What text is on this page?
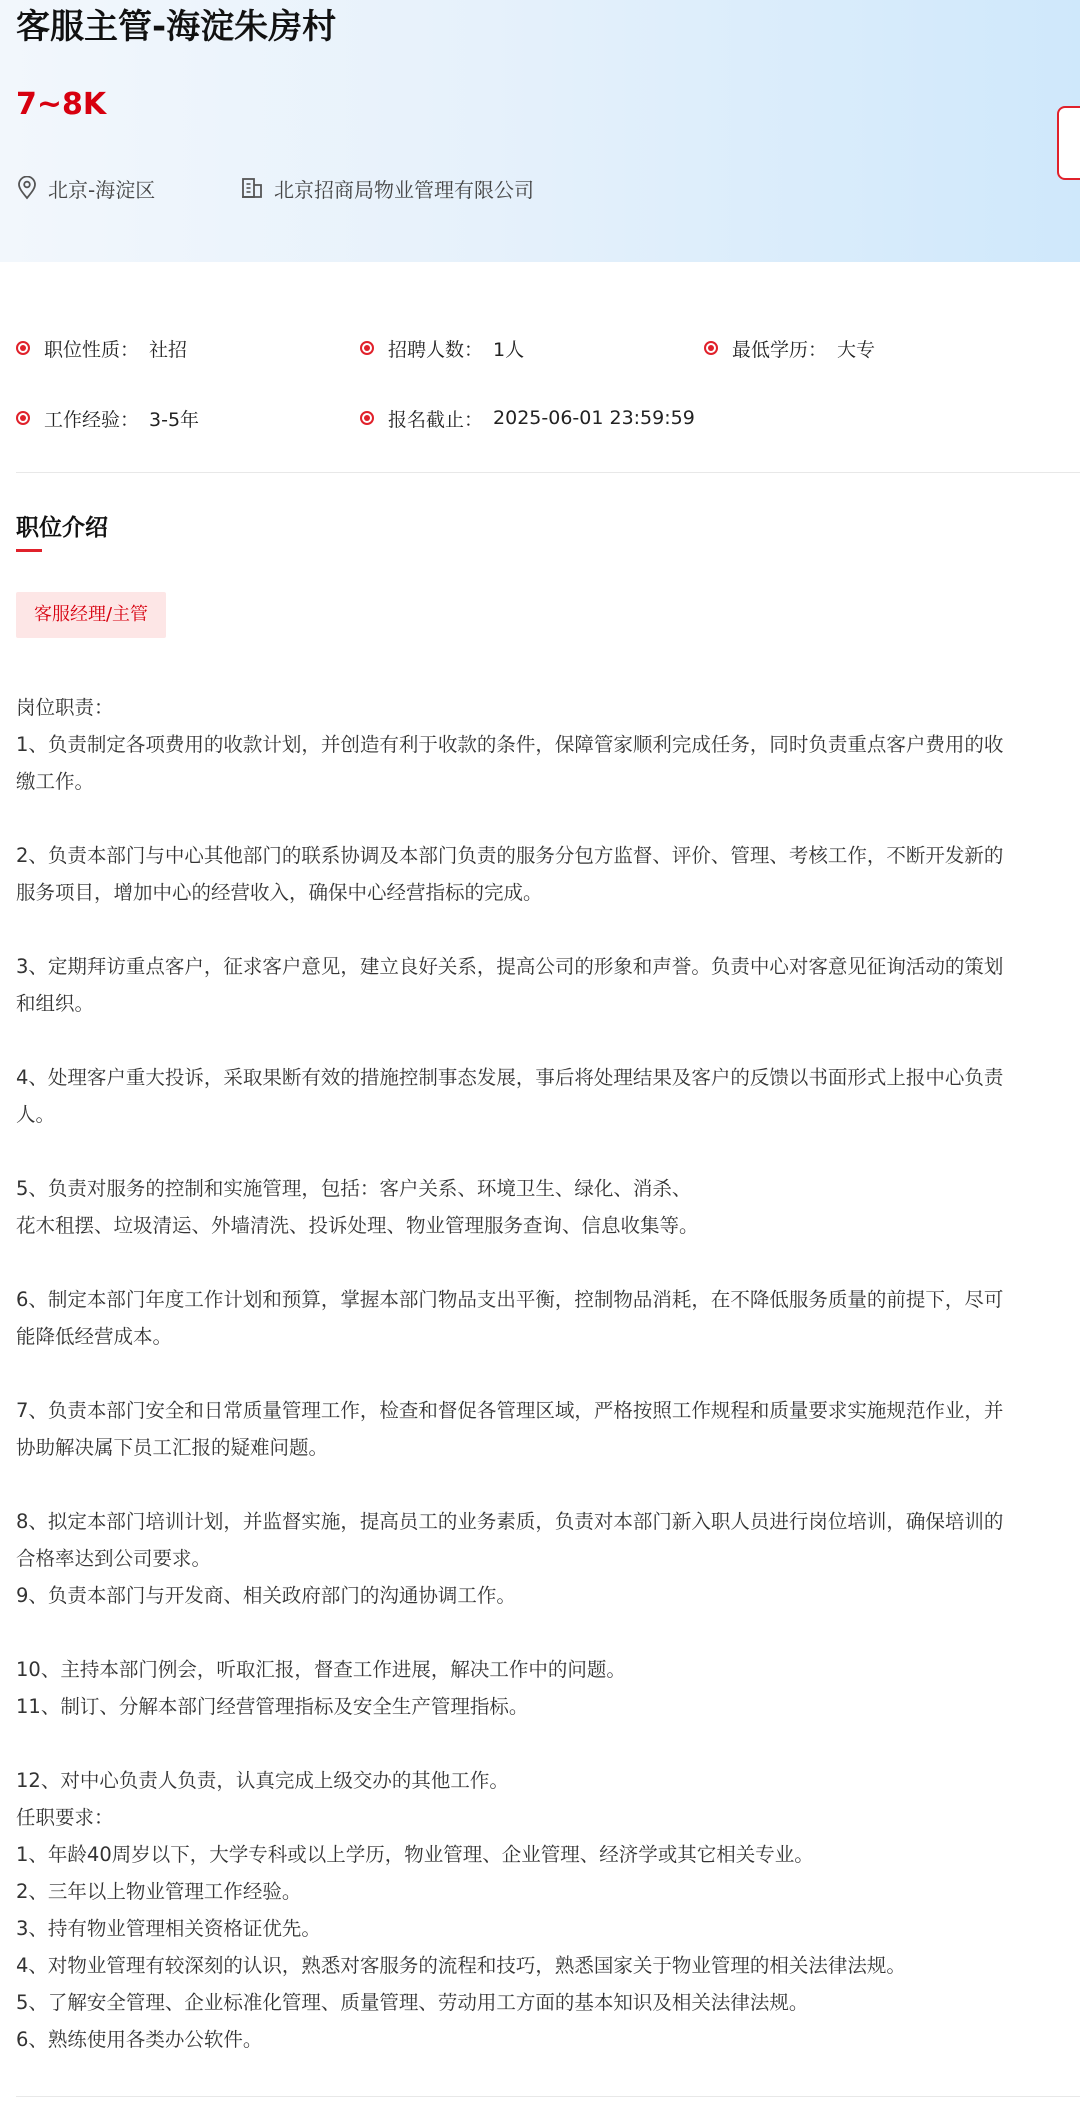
客服主管-海淀朱房村
7~8K
北京-海淀区	北京招商局物业管理有限公司
职位性质： 社招	招聘人数： 1人	最低学历： 大专
工作经验： 3-5年	报名截止： 2025-06-01 23:59:59
职位介绍
客服经理/主管
岗位职责：
1、负责制定各项费用的收款计划，并创造有利于收款的条件，保障管家顺利完成任务，同时负责重点客户费用的收
缴工作。
2、负责本部门与中心其他部门的联系协调及本部门负责的服务分包方监督、评价、管理、考核工作，不断开发新的
服务项目，增加中心的经营收入，确保中心经营指标的完成。
3、定期拜访重点客户，征求客户意见，建立良好关系，提高公司的形象和声誉。负责中心对客意见征询活动的策划
和组织。
4、处理客户重大投诉，采取果断有效的措施控制事态发展，事后将处理结果及客户的反馈以书面形式上报中心负责
人。
5、负责对服务的控制和实施管理，包括：客户关系、环境卫生、绿化、消杀、
花木租摆、垃圾清运、外墙清洗、投诉处理、物业管理服务查询、信息收集等。
6、制定本部门年度工作计划和预算，掌握本部门物品支出平衡，控制物品消耗，在不降低服务质量的前提下，尽可
能降低经营成本。
7、负责本部门安全和日常质量管理工作，检查和督促各管理区域，严格按照工作规程和质量要求实施规范作业，并
协助解决属下员工汇报的疑难问题。
8、拟定本部门培训计划，并监督实施，提高员工的业务素质，负责对本部门新入职人员进行岗位培训，确保培训的
合格率达到公司要求。
9、负责本部门与开发商、相关政府部门的沟通协调工作。
10、主持本部门例会，听取汇报，督查工作进展，解决工作中的问题。
11、制订、分解本部门经营管理指标及安全生产管理指标。
12、对中心负责人负责，认真完成上级交办的其他工作。
任职要求：
1、年龄40周岁以下，大学专科或以上学历，物业管理、企业管理、经济学或其它相关专业。
2、三年以上物业管理工作经验。
3、持有物业管理相关资格证优先。
4、对物业管理有较深刻的认识，熟悉对客服务的流程和技巧，熟悉国家关于物业管理的相关法律法规。
5、了解安全管理、企业标准化管理、质量管理、劳动用工方面的基本知识及相关法律法规。
6、熟练使用各类办公软件。
